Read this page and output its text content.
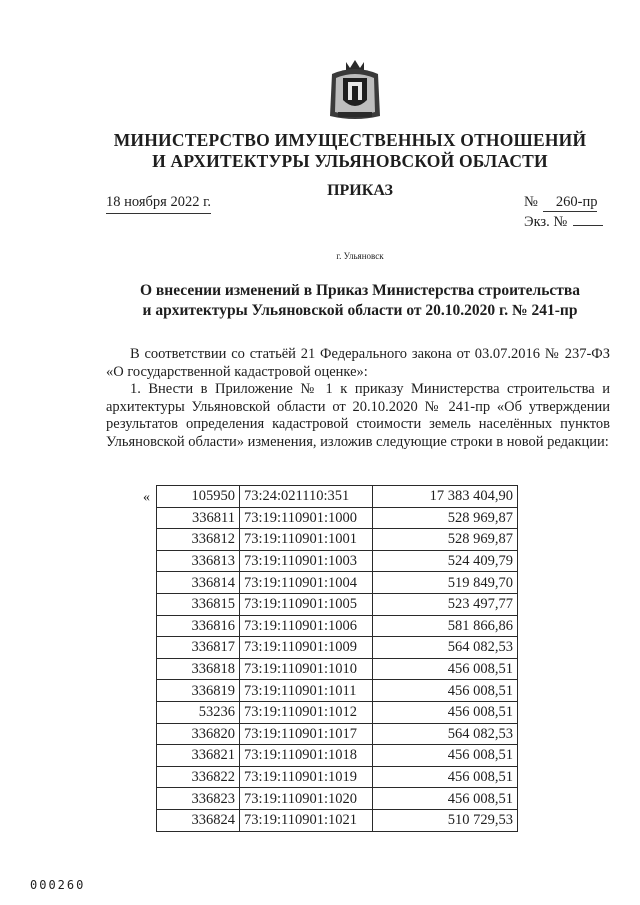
МИНИСТЕРСТВО ИМУЩЕСТВЕННЫХ ОТНОШЕНИЙ
И АРХИТЕКТУРЫ УЛЬЯНОВСКОЙ ОБЛАСТИ
ПРИКАЗ
18 ноября 2022 г.	№ 260-пр
Экз. №
г. Ульяновск
О внесении изменений в Приказ Министерства строительства
и архитектуры Ульяновской области от 20.10.2020 г. № 241-пр

В соответствии со статьёй 21 Федерального закона от 03.07.2016 № 237-ФЗ «О государственной кадастровой оценке»:

1. Внести в Приложение № 1 к приказу Министерства строительства и архитектуры Ульяновской области от 20.10.2020 № 241-пр «Об утверждении результатов определения кадастровой стоимости земель населённых пунктов Ульяновской области» изменения, изложив следующие строки в новой редакции:

«	105950	73:24:021110:351	17 383 404,90
336811	73:19:110901:1000	528 969,87
336812	73:19:110901:1001	528 969,87
336813	73:19:110901:1003	524 409,79
336814	73:19:110901:1004	519 849,70
336815	73:19:110901:1005	523 497,77
336816	73:19:110901:1006	581 866,86
336817	73:19:110901:1009	564 082,53
336818	73:19:110901:1010	456 008,51
336819	73:19:110901:1011	456 008,51
53236	73:19:110901:1012	456 008,51
336820	73:19:110901:1017	564 082,53
336821	73:19:110901:1018	456 008,51
336822	73:19:110901:1019	456 008,51
336823	73:19:110901:1020	456 008,51
336824	73:19:110901:1021	510 729,53
000260
